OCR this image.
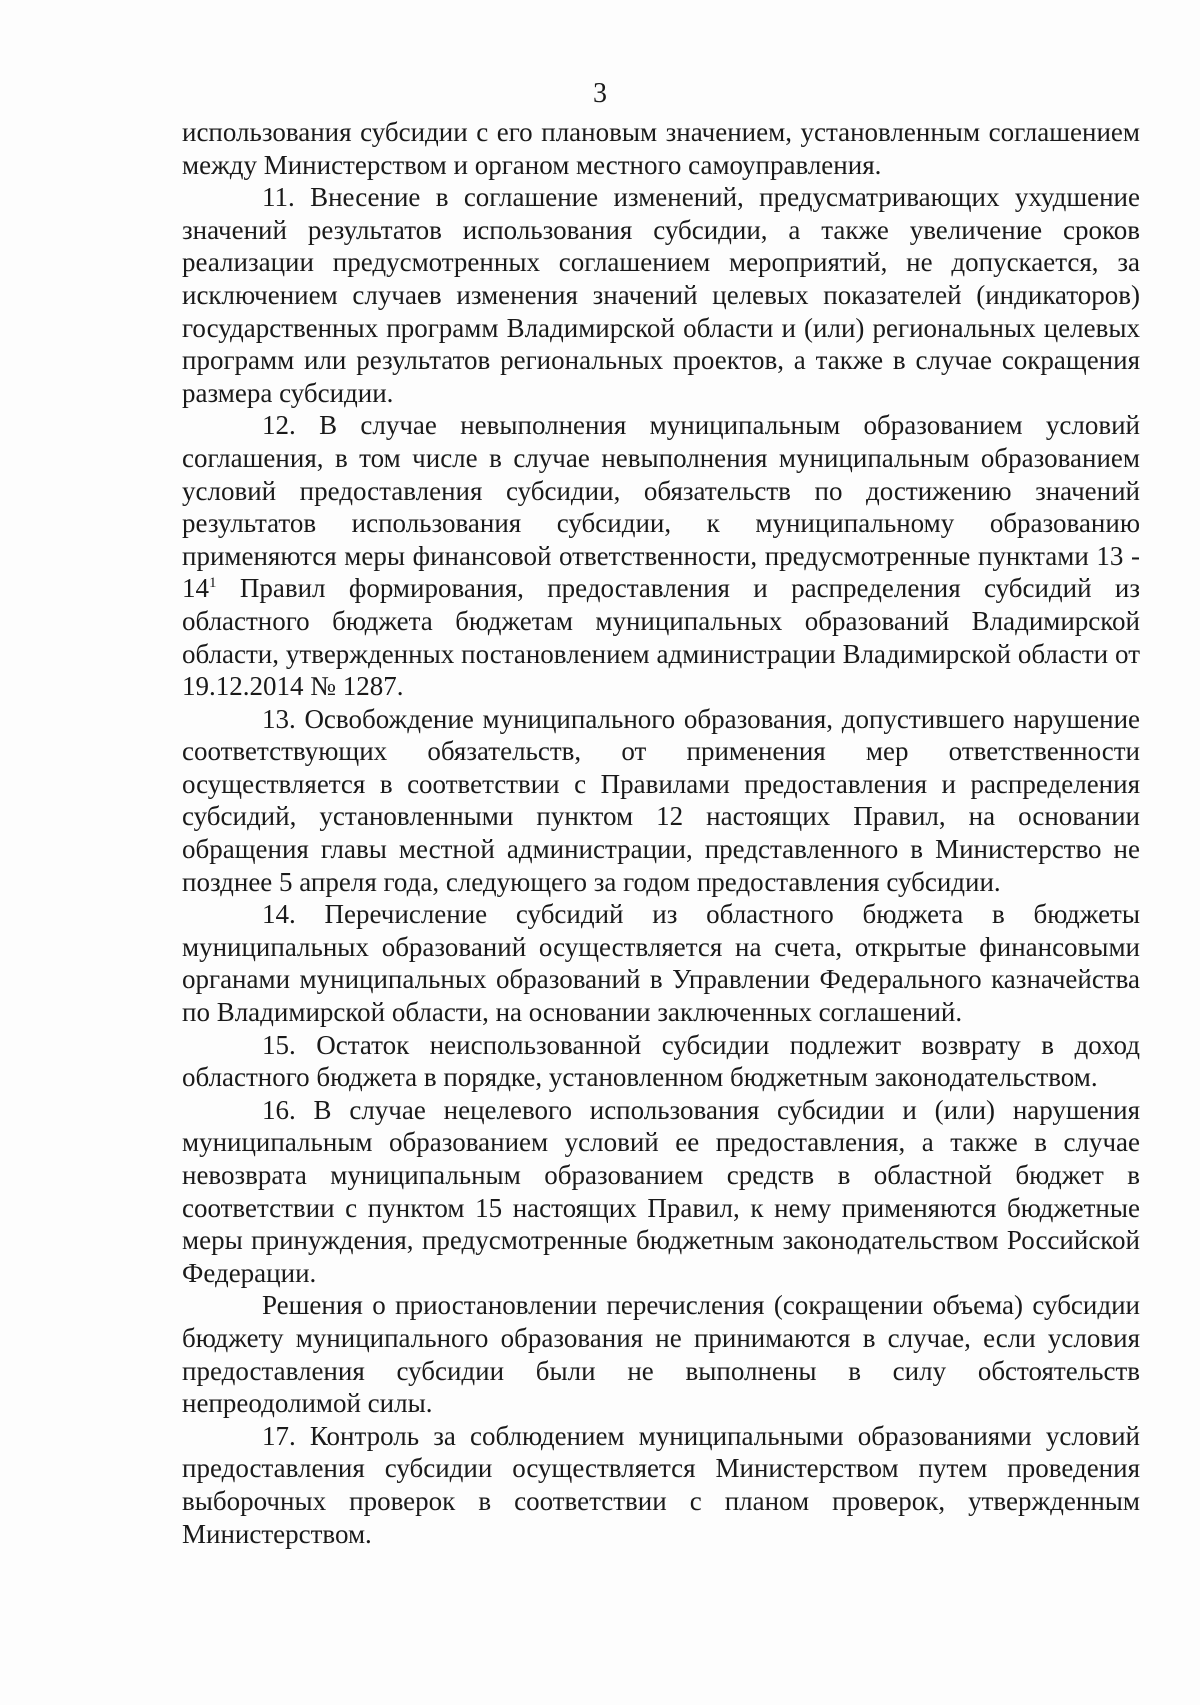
3

использования субсидии с его плановым значением, установленным соглашением между Министерством и органом местного самоуправления.

11. Внесение в соглашение изменений, предусматривающих ухудшение значений результатов использования субсидии, а также увеличение сроков реализации предусмотренных соглашением мероприятий, не допускается, за исключением случаев изменения значений целевых показателей (индикаторов) государственных программ Владимирской области и (или) региональных целевых программ или результатов региональных проектов, а также в случае сокращения размера субсидии.

12. В случае невыполнения муниципальным образованием условий соглашения, в том числе в случае невыполнения муниципальным образованием условий предоставления субсидии, обязательств по достижению значений результатов использования субсидии, к муниципальному образованию применяются меры финансовой ответственности, предусмотренные пунктами $13 - 14^1$ Правил формирования, предоставления и распределения субсидий из областного бюджета бюджетам муниципальных образований Владимирской области, утвержденных постановлением администрации Владимирской области от 19.12.2014 № 1287.

13. Освобождение муниципального образования, допустившего нарушение соответствующих обязательств, от применения мер ответственности осуществляется в соответствии с Правилами предоставления и распределения субсидий, установленными пунктом 12 настоящих Правил, на основании обращения главы местной администрации, представленного в Министерство не позднее 5 апреля года, следующего за годом предоставления субсидии.

14. Перечисление субсидий из областного бюджета в бюджеты муниципальных образований осуществляется на счета, открытые финансовыми органами муниципальных образований в Управлении Федерального казначейства по Владимирской области, на основании заключенных соглашений.

15. Остаток неиспользованной субсидии подлежит возврату в доход областного бюджета в порядке, установленном бюджетным законодательством.

16. В случае нецелевого использования субсидии и (или) нарушения муниципальным образованием условий ее предоставления, а также в случае невозврата муниципальным образованием средств в областной бюджет в соответствии с пунктом 15 настоящих Правил, к нему применяются бюджетные меры принуждения, предусмотренные бюджетным законодательством Российской Федерации.

Решения о приостановлении перечисления (сокращении объема) субсидии бюджету муниципального образования не принимаются в случае, если условия предоставления субсидии были не выполнены в силу обстоятельств непреодолимой силы.

17. Контроль за соблюдением муниципальными образованиями условий предоставления субсидии осуществляется Министерством путем проведения выборочных проверок в соответствии с планом проверок, утвержденным Министерством.
